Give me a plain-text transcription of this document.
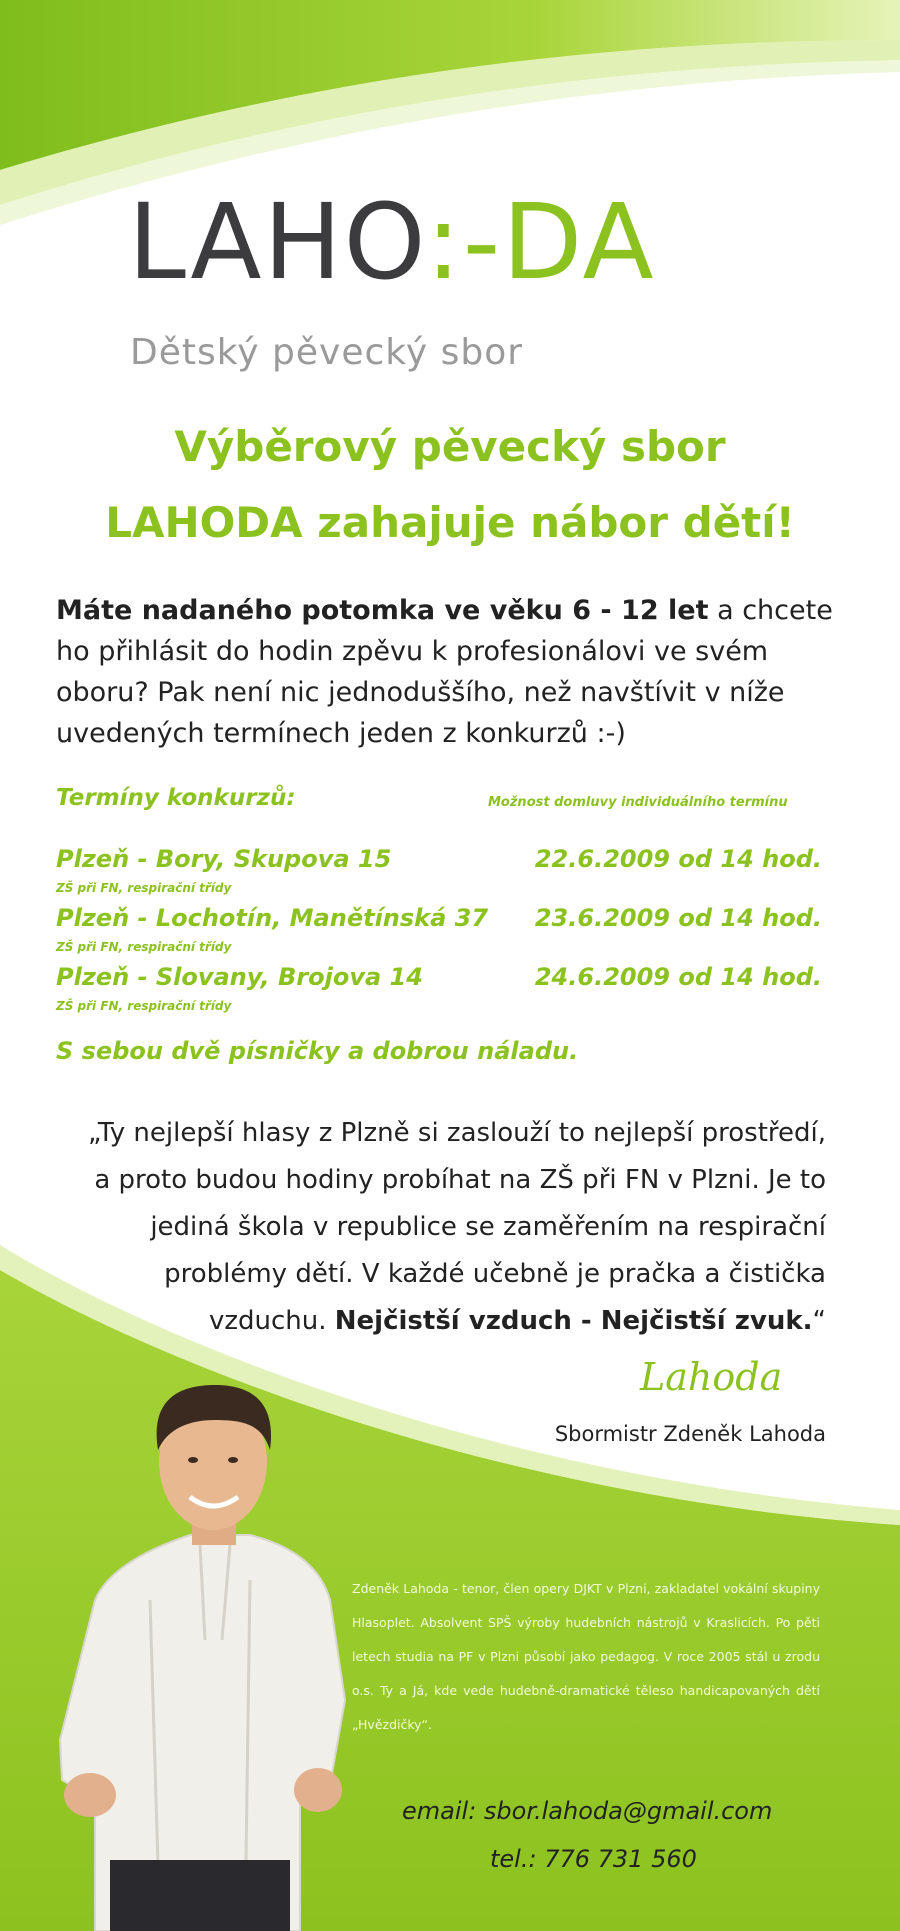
LAHO:-DA
Dětský pěvecký sbor
Výběrový pěvecký sbor
LAHODA zahajuje nábor dětí!
Máte nadaného potomka ve věku 6 - 12 let a chcete ho přihlásit do hodin zpěvu k profesionálovi ve svém oboru? Pak není nic jednoduššího, než navštívit v níže uvedených termínech jeden z konkurzů :-)
Termíny konkurzů:	Možnost domluvy individuálního termínu
Plzeň - Bory, Skupova 15
ZŠ při FN, respirační třídy
22.6.2009 od 14 hod.
Plzeň - Lochotín, Manětínská 37
ZŠ při FN, respirační třídy
23.6.2009 od 14 hod.
Plzeň - Slovany, Brojova 14
ZŠ při FN, respirační třídy
24.6.2009 od 14 hod.
S sebou dvě písničky a dobrou náladu.
„Ty nejlepší hlasy z Plzně si zaslouží to nejlepší prostředí,
a proto budou hodiny probíhat na ZŠ při FN v Plzni. Je to
jediná škola v republice se zaměřením na respirační
problémy dětí. V každé učebně je pračka a čistička
vzduchu. Nejčistší vzduch - Nejčistší zvuk.“
Lahoda
Sbormistr Zdeněk Lahoda
Zdeněk Lahoda - tenor, člen opery DJKT v Plzni, zakladatel vokální skupiny Hlasoplet. Absolvent SPŠ výroby hudebních nástrojů v Kraslicích. Po pěti letech studia na PF v Plzni působí jako pedagog. V roce 2005 stál u zrodu o.s. Ty a Já, kde vede hudebně-dramatické těleso handicapovaných dětí „Hvězdičky“.
email: sbor.lahoda@gmail.com
tel.: 776 731 560
